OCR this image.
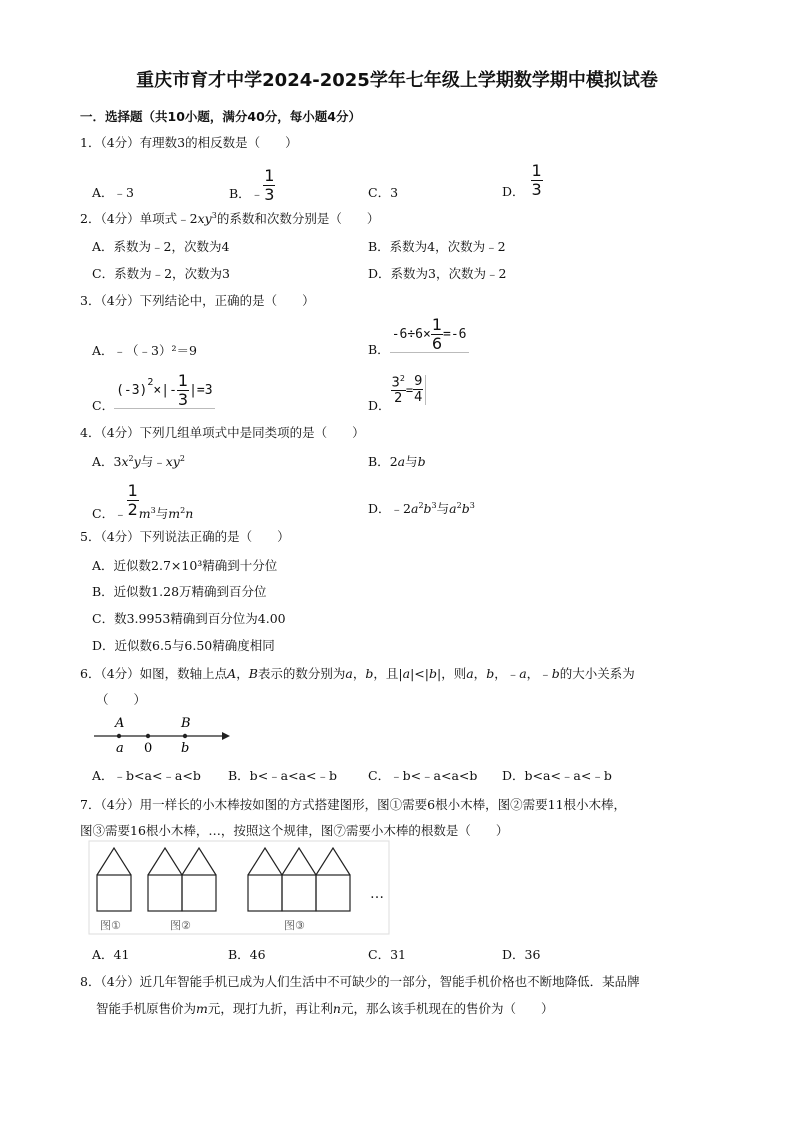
重庆市育才中学2024-2025学年七年级上学期数学期中模拟试卷
一．选择题（共10小题，满分40分，每小题4分）
1．（4分）有理数3的相反数是（　　）
A．﹣3	B． ﹣ $\frac{1}{3}$	C．3	D． $\frac{1}{3}$
2．（4分）单项式$﹣2xy^3$的系数和次数分别是（　　）
A．系数为﹣2，次数为4	B．系数为4，次数为﹣2
C．系数为﹣2，次数为3	D．系数为3，次数为﹣2
3．（4分）下列结论中，正确的是（　　）
A．﹣（﹣3）²＝9	B．
$-6\div 6\times \frac{1}{6} =-6$
C．
(-3)
$^2$
×|- $\frac{1}{3} |=3$
D．
$\frac{3^2}{2} = \frac{9}{4}$
4．（4分）下列几组单项式中是同类项的是（　　）
A．$3x^2y$与$﹣xy^2$	B．2a与b
C． ﹣ $\frac{1}{2} m^3$与$m^2n$	D．$﹣2a^2b^3$与$a^2b^3$
5．（4分）下列说法正确的是（　　）
A．近似数2.7×10³精确到十分位
B．近似数1.28万精确到百分位
C．数3.9953精确到百分位为4.00
D．近似数6.5与6.50精确度相同
6．（4分）如图，数轴上点A，B表示的数分别为a，b，且|a|<|b|，则a，b，﹣a，﹣b的大小关系为
（　　）
A	B
a 0 b
A．﹣b<a<﹣a<b B．b<﹣a<a<﹣b C．﹣b<﹣a<a<b D．b<a<﹣a<﹣b
7．（4分）用一样长的小木棒按如图的方式搭建图形，图①需要6根小木棒，图②需要11根小木棒，
图③需要16根小木棒，…，按照这个规律，图⑦需要小木棒的根数是（　　）
…
图①	图②	图③
A．41	B．46	C．31	D．36
8．（4分）近几年智能手机已成为人们生活中不可缺少的一部分，智能手机价格也不断地降低．某品牌
智能手机原售价为m元，现打九折，再让利n元，那么该手机现在的售价为（　　）
